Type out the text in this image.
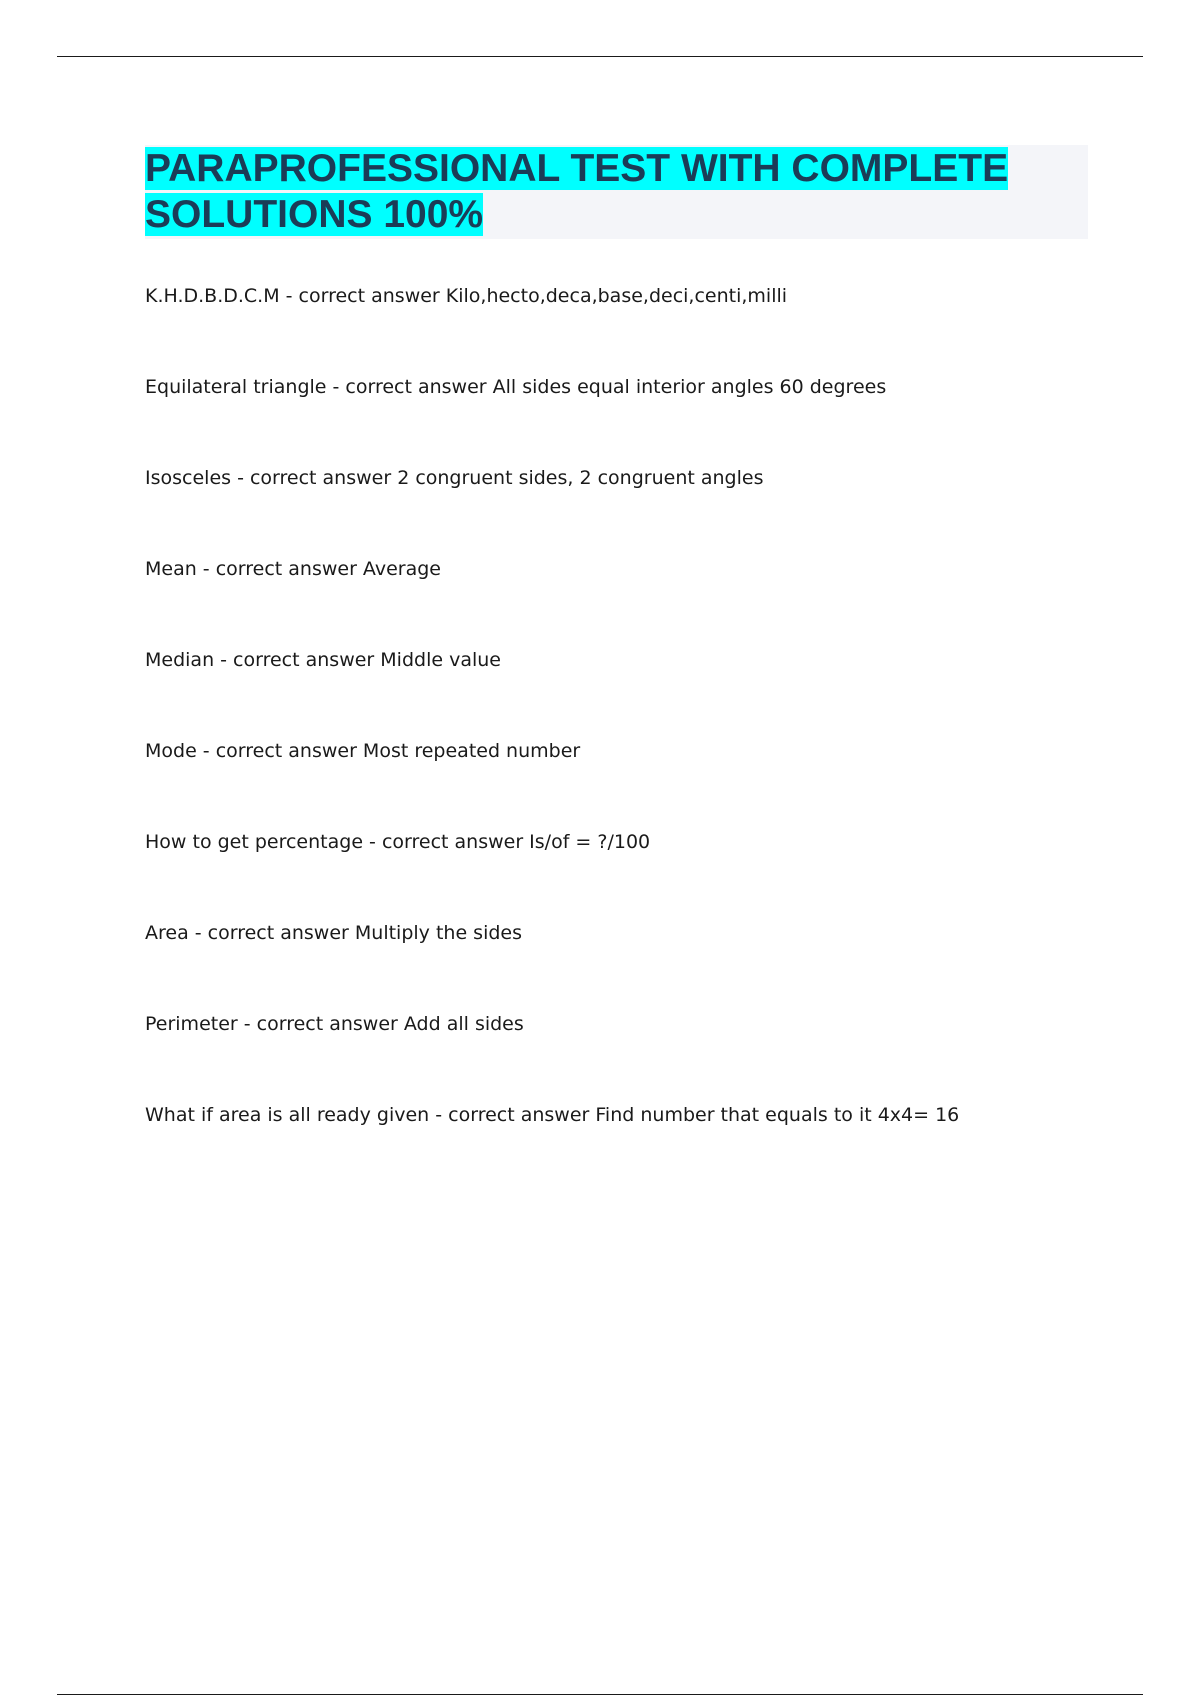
PARAPROFESSIONAL TEST WITH COMPLETE
SOLUTIONS 100%
K.H.D.B.D.C.M - correct answer Kilo,hecto,deca,base,deci,centi,milli
Equilateral triangle - correct answer All sides equal interior angles 60 degrees
Isosceles - correct answer 2 congruent sides, 2 congruent angles
Mean - correct answer Average
Median - correct answer Middle value
Mode - correct answer Most repeated number
How to get percentage - correct answer Is/of = ?/100
Area - correct answer Multiply the sides
Perimeter - correct answer Add all sides
What if area is all ready given - correct answer Find number that equals to it 4x4= 16
